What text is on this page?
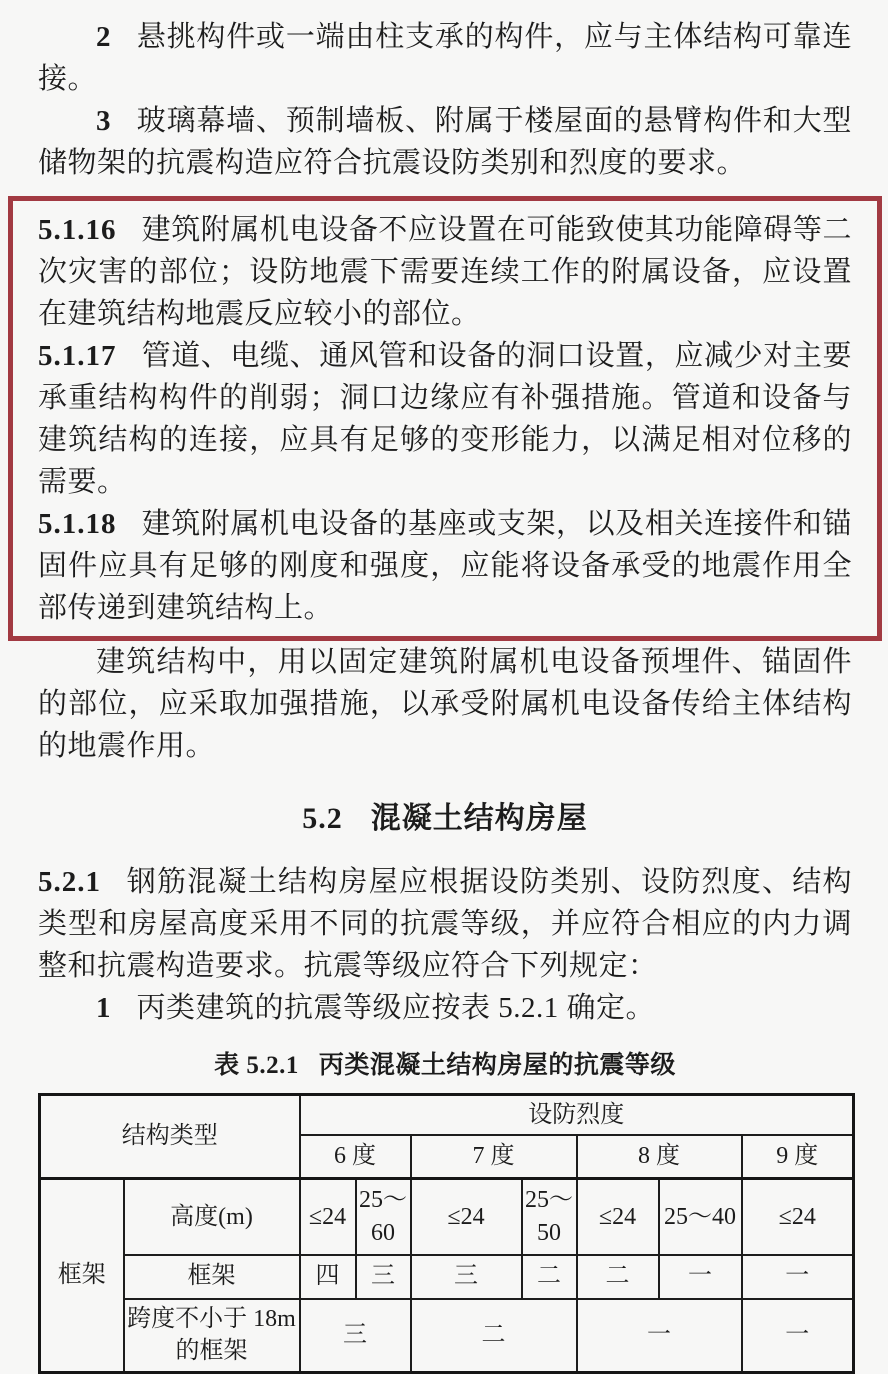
2 悬挑构件或一端由柱支承的构件，应与主体结构可靠连接。

3 玻璃幕墙、预制墙板、附属于楼屋面的悬臂构件和大型储物架的抗震构造应符合抗震设防类别和烈度的要求。

5.1.16 建筑附属机电设备不应设置在可能致使其功能障碍等二次灾害的部位；设防地震下需要连续工作的附属设备，应设置在建筑结构地震反应较小的部位。

5.1.17 管道、电缆、通风管和设备的洞口设置，应减少对主要承重结构构件的削弱；洞口边缘应有补强措施。管道和设备与建筑结构的连接，应具有足够的变形能力，以满足相对位移的需要。

5.1.18 建筑附属机电设备的基座或支架，以及相关连接件和锚固件应具有足够的刚度和强度，应能将设备承受的地震作用全部传递到建筑结构上。

建筑结构中，用以固定建筑附属机电设备预埋件、锚固件的部位，应采取加强措施，以承受附属机电设备传给主体结构的地震作用。

5.2 混凝土结构房屋

5.2.1 钢筋混凝土结构房屋应根据设防类别、设防烈度、结构类型和房屋高度采用不同的抗震等级，并应符合相应的内力调整和抗震构造要求。抗震等级应符合下列规定：

1 丙类建筑的抗震等级应按表 5.2.1 确定。

表 5.2.1 丙类混凝土结构房屋的抗震等级

结构类型		设防烈度						
		6 度		7 度		8 度		9 度
框架	高度(m)	≤24	25～60	≤24	25～50	≤24	25～40	≤24
	框架	四	三	三	二	二	一	一
	跨度不小于 18m 的框架	三		二		一		一
